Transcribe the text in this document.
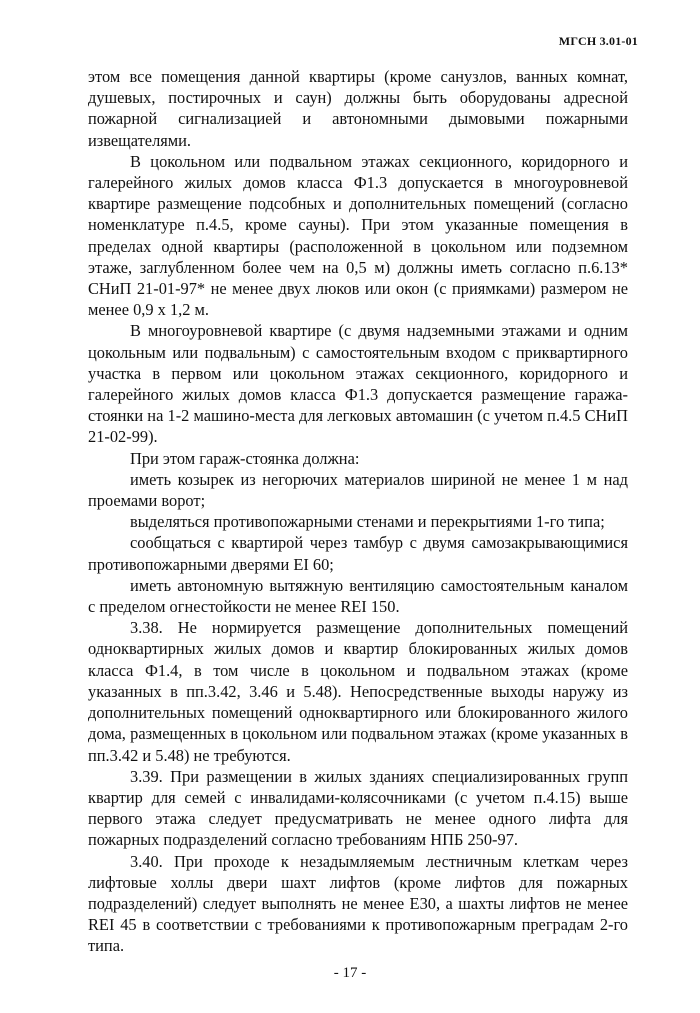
МГСН 3.01-01

этом все помещения данной квартиры (кроме санузлов, ванных комнат, душевых, постирочных и саун) должны быть оборудованы адресной пожарной сигнализацией и автономными дымовыми пожарными извещателями.

В цокольном или подвальном этажах секционного, коридорного и галерейного жилых домов класса Ф1.3 допускается в многоуровневой квартире размещение подсобных и дополнительных помещений (согласно номенклатуре п.4.5, кроме сауны). При этом указанные помещения в пределах одной квартиры (расположенной в цокольном или подземном этаже, заглубленном более чем на 0,5 м) должны иметь согласно п.6.13* СНиП 21-01-97* не менее двух люков или окон (с приямками) размером не менее 0,9 х 1,2 м.

В многоуровневой квартире (с двумя надземными этажами и одним цокольным или подвальным) с самостоятельным входом с приквартирного участка в первом или цокольном этажах секционного, коридорного и галерейного жилых домов класса Ф1.3 допускается размещение гаража-стоянки на 1-2 машино-места для легковых автомашин (с учетом п.4.5 СНиП 21-02-99).

При этом гараж-стоянка должна:

иметь козырек из негорючих материалов шириной не менее 1 м над проемами ворот;

выделяться противопожарными стенами и перекрытиями 1-го типа;

сообщаться с квартирой через тамбур с двумя самозакрывающимися противопожарными дверями EI 60;

иметь автономную вытяжную вентиляцию самостоятельным каналом с пределом огнестойкости не менее REI 150.

3.38. Не нормируется размещение дополнительных помещений одноквартирных жилых домов и квартир блокированных жилых домов класса Ф1.4, в том числе в цокольном и подвальном этажах (кроме указанных в пп.3.42, 3.46 и 5.48). Непосредственные выходы наружу из дополнительных помещений одноквартирного или блокированного жилого дома, размещенных в цокольном или подвальном этажах (кроме указанных в пп.3.42 и 5.48) не требуются.

3.39. При размещении в жилых зданиях специализированных групп квартир для семей с инвалидами-колясочниками (с учетом п.4.15) выше первого этажа следует предусматривать не менее одного лифта для пожарных подразделений согласно требованиям НПБ 250-97.

3.40. При проходе к незадымляемым лестничным клеткам через лифтовые холлы двери шахт лифтов (кроме лифтов для пожарных подразделений) следует выполнять не менее Е30, а шахты лифтов не менее REI 45 в соответствии с требованиями к противопожарным преградам 2-го типа.

- 17 -
